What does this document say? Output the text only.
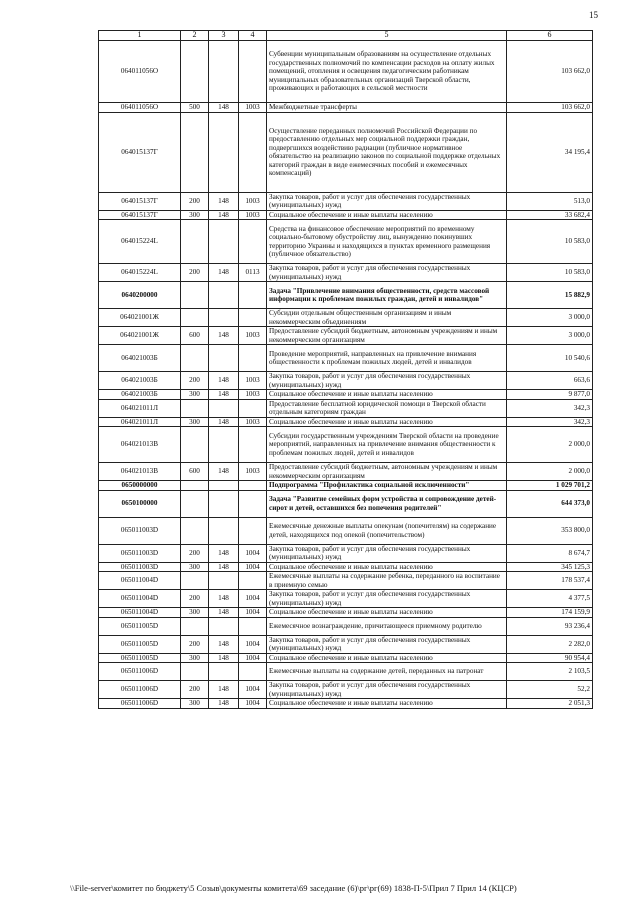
15
1	2	3	4	5	6
064011056О				Субвенции муниципальным образованиям на осуществление отдельных государственных полномочий по компенсации расходов на оплату жилых помещений, отопления и освещения педагогическим работникам муниципальных образовательных организаций Тверской области, проживающих и работающих в сельской местности	103 662,0
064011056О	500	148	1003	Межбюджетные трансферты	103 662,0
064015137Г				Осуществление переданных полномочий Российской Федерации по предоставлению отдельных мер социальной поддержки граждан, подвергшихся воздействию радиации (публичное нормативное обязательство на реализацию законов по социальной поддержке отдельных категорий граждан в виде ежемесячных пособий и ежемесячных компенсаций)	34 195,4
064015137Г	200	148	1003	Закупка товаров, работ и услуг для обеспечения государственных (муниципальных) нужд	513,0
064015137Г	300	148	1003	Социальное обеспечение и иные выплаты населению	33 682,4
064015224L				Средства на финансовое обеспечение мероприятий по временному социально-бытовому обустройству лиц, вынужденно покинувших территорию Украины и находящихся в пунктах временного размещения (публичное обязательство)	10 583,0
064015224L	200	148	0113	Закупка товаров, работ и услуг для обеспечения государственных (муниципальных) нужд	10 583,0
0640200000				Задача "Привлечение внимания общественности, средств массовой информации к проблемам пожилых граждан, детей и инвалидов"	15 882,9
064021001Ж				Субсидии отдельным общественным организациям и иным некоммерческим объединениям	3 000,0
064021001Ж	600	148	1003	Предоставление субсидий бюджетным, автономным учреждениям и иным некоммерческим организациям	3 000,0
064021003Б				Проведение мероприятий, направленных на привлечение внимания общественности к проблемам пожилых людей, детей и инвалидов	10 540,6
064021003Б	200	148	1003	Закупка товаров, работ и услуг для обеспечения государственных (муниципальных) нужд	663,6
064021003Б	300	148	1003	Социальное обеспечение и иные выплаты населению	9 877,0
064021011Л				Предоставление бесплатной юридической помощи в Тверской области отдельным категориям граждан	342,3
064021011Л	300	148	1003	Социальное обеспечение и иные выплаты населению	342,3
064021013В				Субсидии государственным учреждениям Тверской области на проведение мероприятий, направленных на привлечение внимания общественности к проблемам пожилых людей, детей и инвалидов	2 000,0
064021013В	600	148	1003	Предоставление субсидий бюджетным, автономным учреждениям и иным некоммерческим организациям	2 000,0
0650000000				Подпрограмма "Профилактика социальной исключенности"	1 029 701,2
0650100000				Задача "Развитие семейных форм устройства и сопровождение детей-сирот и детей, оставшихся без попечения родителей"	644 373,0
065011003D				Ежемесячные денежные выплаты опекунам (попечителям) на содержание детей, находящихся под опекой (попечительством)	353 800,0
065011003D	200	148	1004	Закупка товаров, работ и услуг для обеспечения государственных (муниципальных) нужд	8 674,7
065011003D	300	148	1004	Социальное обеспечение и иные выплаты населению	345 125,3
065011004D				Ежемесячные выплаты на содержание ребенка, переданного на воспитание в приемную семью	178 537,4
065011004D	200	148	1004	Закупка товаров, работ и услуг для обеспечения государственных (муниципальных) нужд	4 377,5
065011004D	300	148	1004	Социальное обеспечение и иные выплаты населению	174 159,9
065011005D				Ежемесячное вознаграждение, причитающееся приемному родителю	93 236,4
065011005D	200	148	1004	Закупка товаров, работ и услуг для обеспечения государственных (муниципальных) нужд	2 282,0
065011005D	300	148	1004	Социальное обеспечение и иные выплаты населению	90 954,4
065011006D				Ежемесячные выплаты на содержание детей, переданных на патронат	2 103,5
065011006D	200	148	1004	Закупка товаров, работ и услуг для обеспечения государственных (муниципальных) нужд	52,2
065011006D	300	148	1004	Социальное обеспечение и иные выплаты населению	2 051,3
\\File-server\комитет по бюджету\5 Созыв\документы комитета\69 заседание (6)\рг\рг(69) 1838-П-5\Прил 7 Прил 14 (КЦСР)
